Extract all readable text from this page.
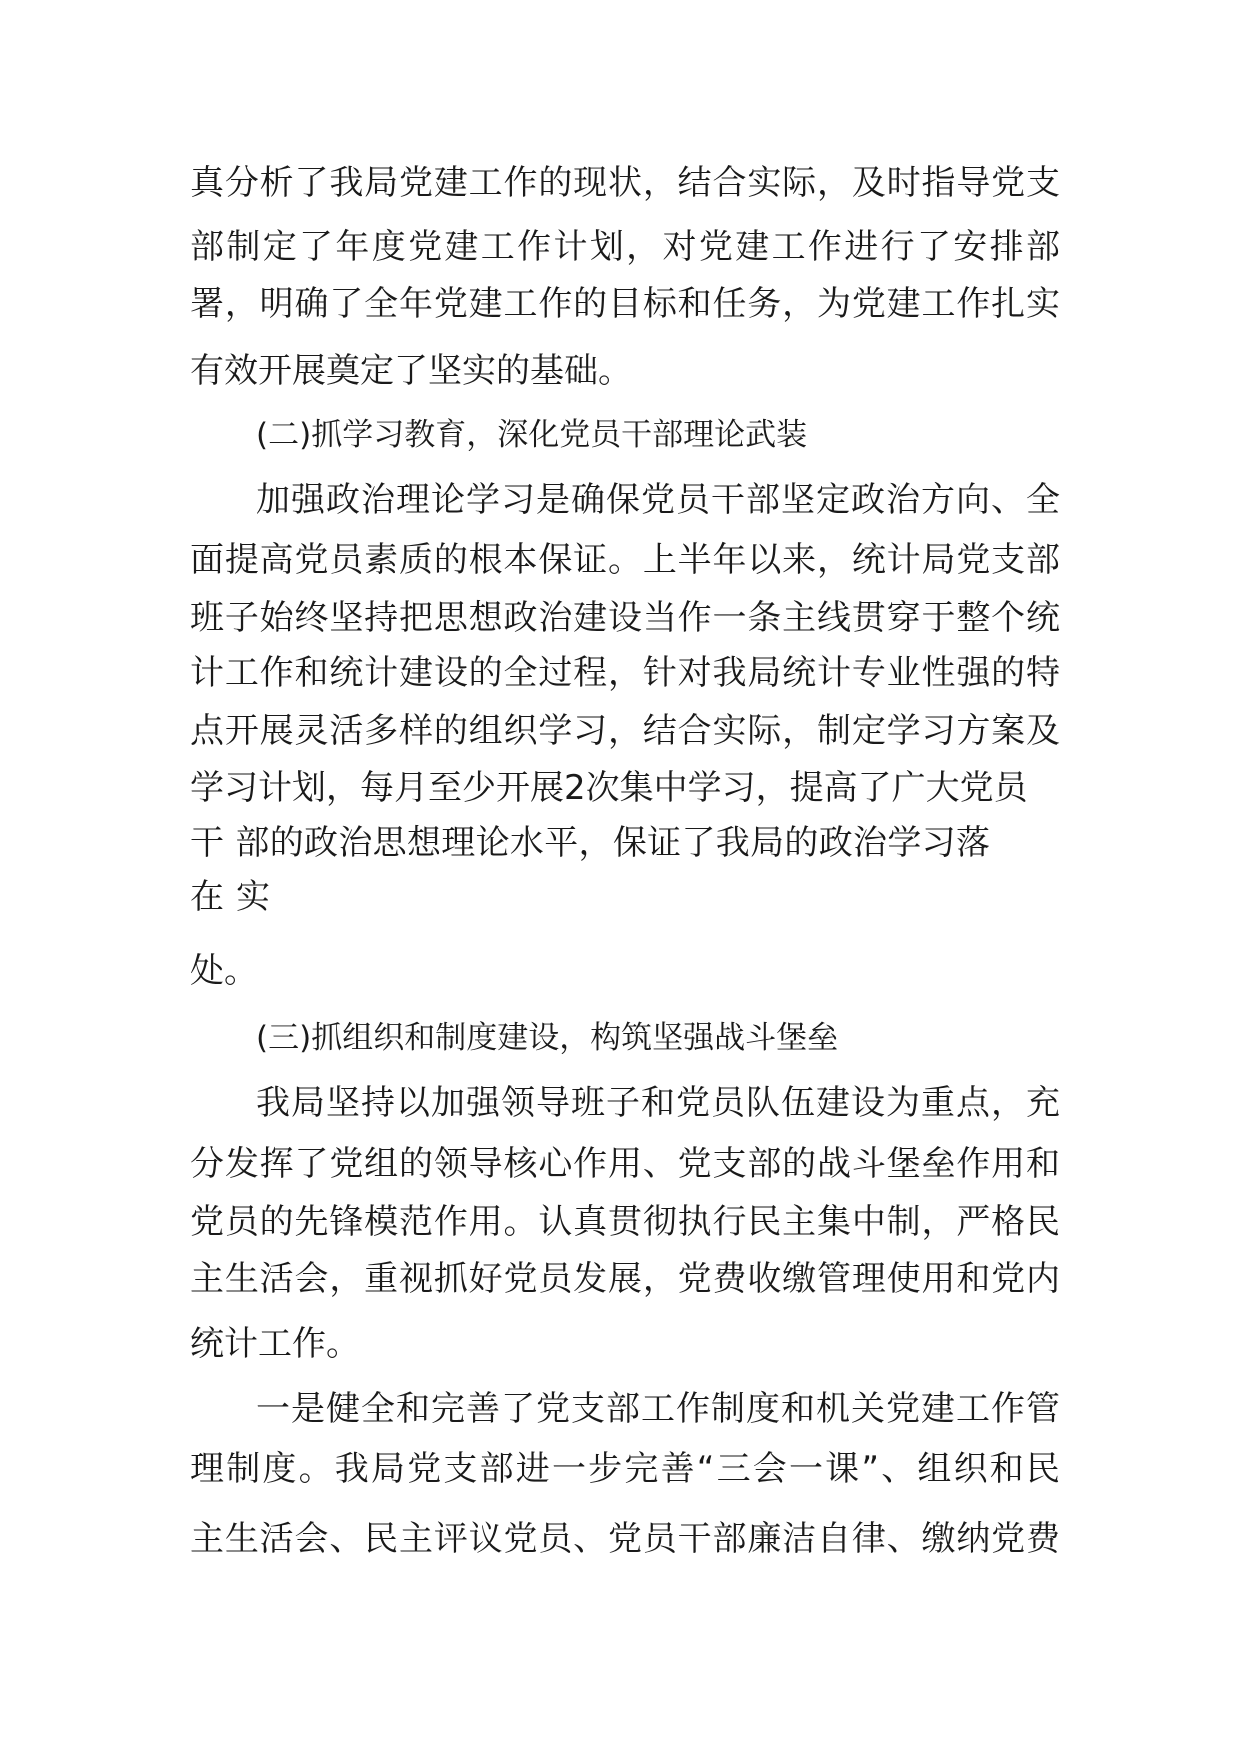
真分析了我局党建工作的现状，结合实际，及时指导党支

部制定了年度党建工作计划，对党建工作进行了安排部

署，明确了全年党建工作的目标和任务，为党建工作扎实

有效开展奠定了坚实的基础。

(二)抓学习教育，深化党员干部理论武装

加强政治理论学习是确保党员干部坚定政治方向、全

面提高党员素质的根本保证。上半年以来，统计局党支部

班子始终坚持把思想政治建设当作一条主线贯穿于整个统

计工作和统计建设的全过程，针对我局统计专业性强的特

点开展灵活多样的组织学习，结合实际，制定学习方案及

学习计划，每月至少开展2次集中学习，提高了广大党员

干 部的政治思想理论水平，保证了我局的政治学习落

在实

处。

(三)抓组织和制度建设，构筑坚强战斗堡垒

我局坚持以加强领导班子和党员队伍建设为重点，充

分发挥了党组的领导核心作用、党支部的战斗堡垒作用和

党员的先锋模范作用。认真贯彻执行民主集中制，严格民

主生活会，重视抓好党员发展，党费收缴管理使用和党内

统计工作。

一是健全和完善了党支部工作制度和机关党建工作管

理制度。我局党支部进一步完善“三会一课”、组织和民

主生活会、民主评议党员、党员干部廉洁自律、缴纳党费
